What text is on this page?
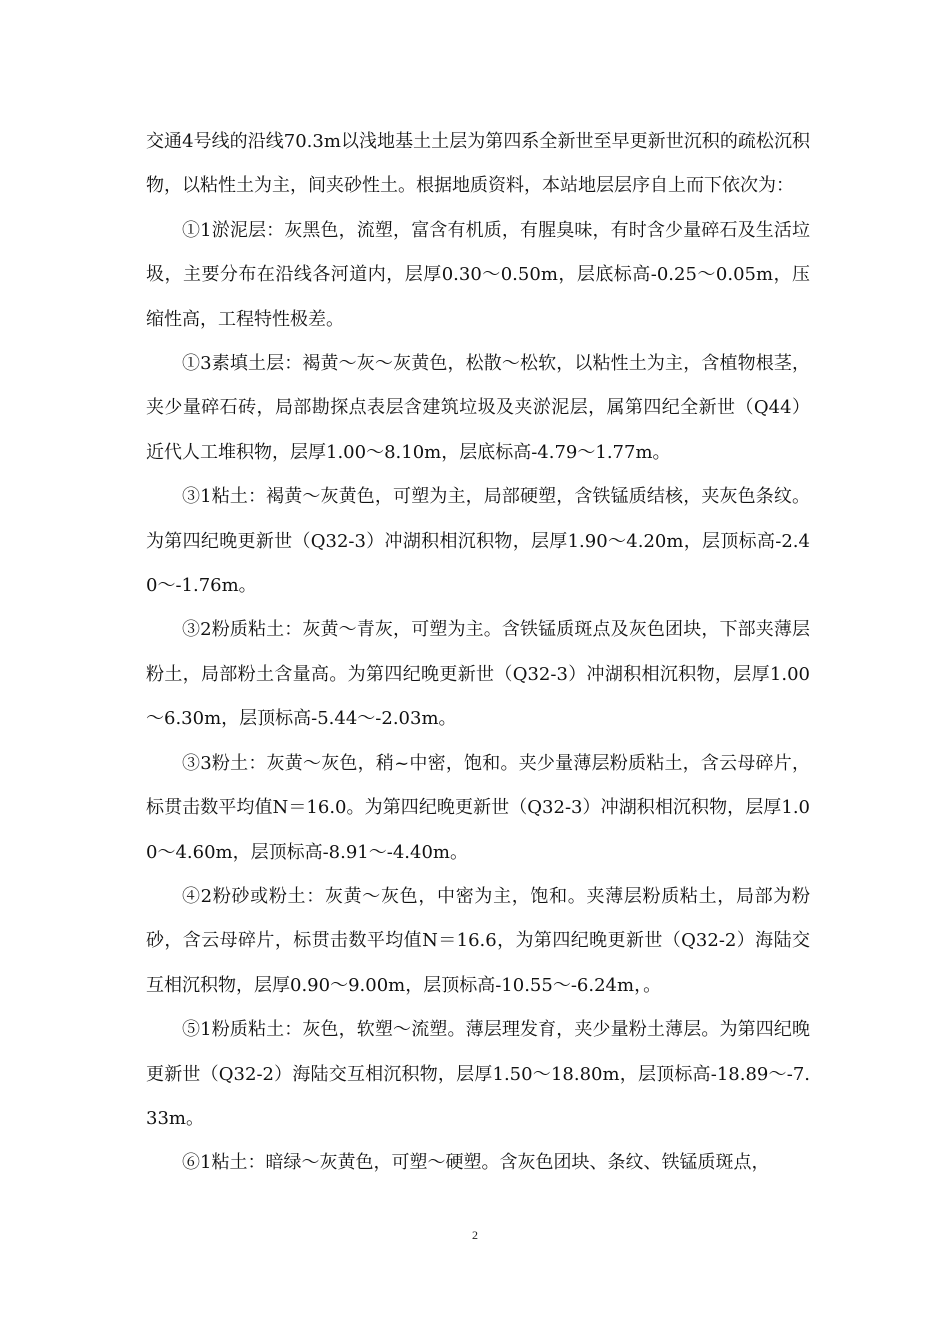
交通4号线的沿线70.3m以浅地基土土层为第四系全新世至早更新世沉积的疏松沉积物，以粘性土为主，间夹砂性土。根据地质资料，本站地层层序自上而下依次为：

①1淤泥层：灰黑色，流塑，富含有机质，有腥臭味，有时含少量碎石及生活垃圾，主要分布在沿线各河道内，层厚0.30～0.50m，层底标高-0.25～0.05m，压缩性高，工程特性极差。

①3素填土层：褐黄～灰～灰黄色，松散～松软，以粘性土为主，含植物根茎，夹少量碎石砖，局部勘探点表层含建筑垃圾及夹淤泥层，属第四纪全新世（Q44）近代人工堆积物，层厚1.00～8.10m，层底标高-4.79～1.77m。

③1粘土：褐黄～灰黄色，可塑为主，局部硬塑，含铁锰质结核，夹灰色条纹。为第四纪晚更新世（Q32-3）冲湖积相沉积物，层厚1.90～4.20m，层顶标高-2.40～-1.76m。

③2粉质粘土：灰黄～青灰，可塑为主。含铁锰质斑点及灰色团块，下部夹薄层粉土，局部粉土含量高。为第四纪晚更新世（Q32-3）冲湖积相沉积物，层厚1.00～6.30m，层顶标高-5.44～-2.03m。

③3粉土：灰黄～灰色，稍~中密，饱和。夹少量薄层粉质粘土，含云母碎片，标贯击数平均值N＝16.0。为第四纪晚更新世（Q32-3）冲湖积相沉积物，层厚1.00～4.60m，层顶标高-8.91～-4.40m。

④2粉砂或粉土：灰黄～灰色，中密为主，饱和。夹薄层粉质粘土，局部为粉砂，含云母碎片，标贯击数平均值N＝16.6，为第四纪晚更新世（Q32-2）海陆交互相沉积物，层厚0.90～9.00m，层顶标高-10.55～-6.24m，。

⑤1粉质粘土：灰色，软塑～流塑。薄层理发育，夹少量粉土薄层。为第四纪晚更新世（Q32-2）海陆交互相沉积物，层厚1.50～18.80m，层顶标高-18.89～-7.33m。

⑥1粘土：暗绿～灰黄色，可塑～硬塑。含灰色团块、条纹、铁锰质斑点，

2
